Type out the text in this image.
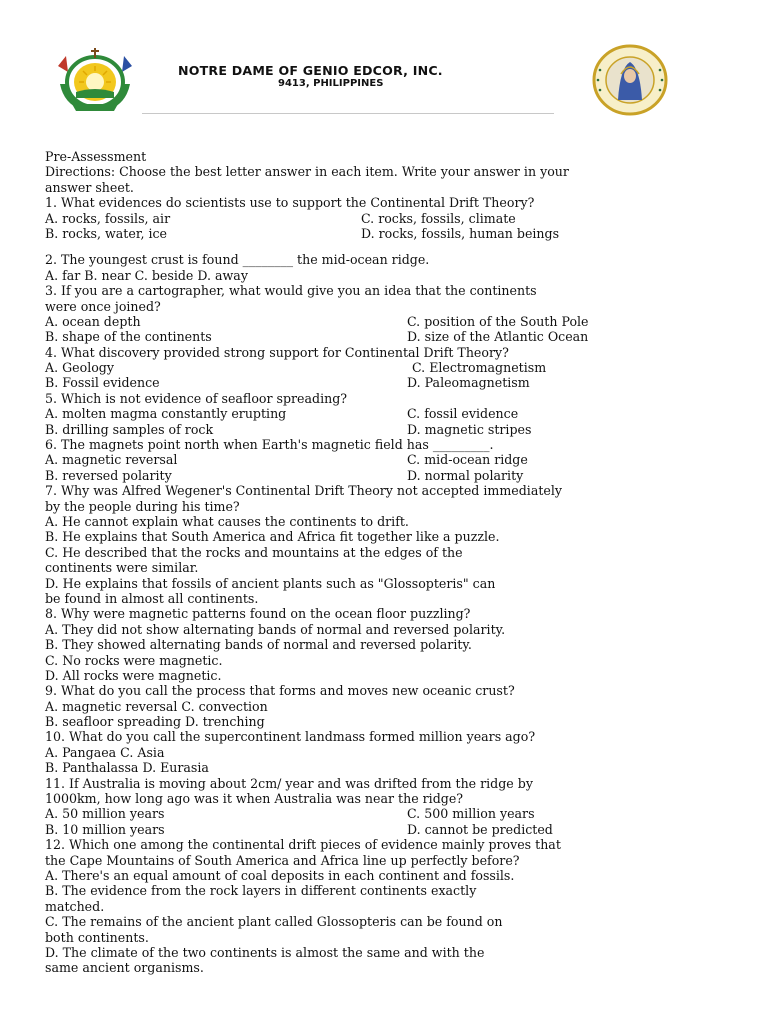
NOTRE DAME OF GENIO EDCOR, INC.
9413, PHILIPPINES
Pre-Assessment
Directions: Choose the best letter answer in each item. Write your answer in your
answer sheet.
1. What evidences do scientists use to support the Continental Drift Theory?
A. rocks, fossils, air	C. rocks, fossils, climate
B. rocks, water, ice	D. rocks, fossils, human beings
2. The youngest crust is found ________ the mid-ocean ridge.
A. far B. near C. beside D. away
3. If you are a cartographer, what would give you an idea that the continents
were once joined?
A. ocean depth	C. position of the South Pole
B. shape of the continents	D. size of the Atlantic Ocean
4. What discovery provided strong support for Continental Drift Theory?
A. Geology	C. Electromagnetism
B. Fossil evidence	D. Paleomagnetism
5. Which is not evidence of seafloor spreading?
A. molten magma constantly erupting	C. fossil evidence
B. drilling samples of rock	D. magnetic stripes
6. The magnets point north when Earth's magnetic field has _________.
A. magnetic reversal	C. mid-ocean ridge
B. reversed polarity	D. normal polarity
7. Why was Alfred Wegener's Continental Drift Theory not accepted immediately
by the people during his time?
A. He cannot explain what causes the continents to drift.
B. He explains that South America and Africa fit together like a puzzle.
C. He described that the rocks and mountains at the edges of the
continents were similar.
D. He explains that fossils of ancient plants such as "Glossopteris" can
be found in almost all continents.
8. Why were magnetic patterns found on the ocean floor puzzling?
A. They did not show alternating bands of normal and reversed polarity.
B. They showed alternating bands of normal and reversed polarity.
C. No rocks were magnetic.
D. All rocks were magnetic.
9. What do you call the process that forms and moves new oceanic crust?
A. magnetic reversal C. convection
B. seafloor spreading D. trenching
10. What do you call the supercontinent landmass formed million years ago?
A. Pangaea C. Asia
B. Panthalassa D. Eurasia
11. If Australia is moving about 2cm/ year and was drifted from the ridge by
1000km, how long ago was it when Australia was near the ridge?
A. 50 million years	C. 500 million years
B. 10 million years	D. cannot be predicted
12. Which one among the continental drift pieces of evidence mainly proves that
the Cape Mountains of South America and Africa line up perfectly before?
A. There's an equal amount of coal deposits in each continent and fossils.
B. The evidence from the rock layers in different continents exactly
matched.
C. The remains of the ancient plant called Glossopteris can be found on
both continents.
D. The climate of the two continents is almost the same and with the
same ancient organisms.
